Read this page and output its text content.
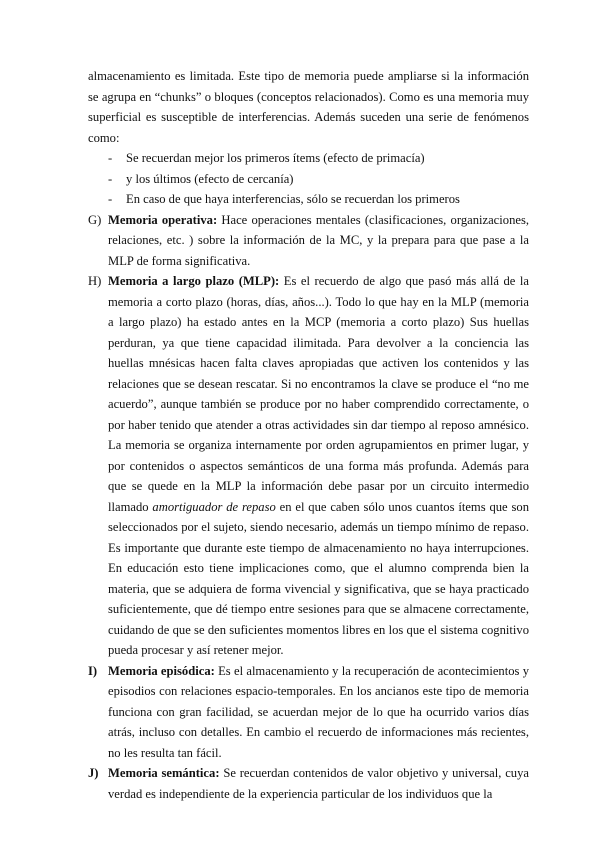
almacenamiento es limitada. Este tipo de memoria puede ampliarse si la información se agrupa en “chunks” o bloques (conceptos relacionados). Como es una memoria muy superficial es susceptible de interferencias. Además suceden una serie de fenómenos como:

- Se recuerdan mejor los primeros ítems (efecto de primacía)
- y los últimos (efecto de cercanía)
- En caso de que haya interferencias, sólo se recuerdan los primeros
G) Memoria operativa: Hace operaciones mentales (clasificaciones, organizaciones, relaciones, etc. ) sobre la información de la MC, y la prepara para que pase a la MLP de forma significativa.
H) Memoria a largo plazo (MLP): Es el recuerdo de algo que pasó más allá de la memoria a corto plazo (horas, días, años...). Todo lo que hay en la MLP (memoria a largo plazo) ha estado antes en la MCP (memoria a corto plazo) Sus huellas perduran, ya que tiene capacidad ilimitada. Para devolver a la conciencia las huellas mnésicas hacen falta claves apropiadas que activen los contenidos y las relaciones que se desean rescatar. Si no encontramos la clave se produce el “no me acuerdo”, aunque también se produce por no haber comprendido correctamente, o por haber tenido que atender a otras actividades sin dar tiempo al reposo amnésico. La memoria se organiza internamente por orden agrupamientos en primer lugar, y por contenidos o aspectos semánticos de una forma más profunda. Además para que se quede en la MLP la información debe pasar por un circuito intermedio llamado amortiguador de repaso en el que caben sólo unos cuantos ítems que son seleccionados por el sujeto, siendo necesario, además un tiempo mínimo de repaso. Es importante que durante este tiempo de almacenamiento no haya interrupciones. En educación esto tiene implicaciones como, que el alumno comprenda bien la materia, que se adquiera de forma vivencial y significativa, que se haya practicado suficientemente, que dé tiempo entre sesiones para que se almacene correctamente, cuidando de que se den suficientes momentos libres en los que el sistema cognitivo pueda procesar y así retener mejor.
I) Memoria episódica: Es el almacenamiento y la recuperación de acontecimientos y episodios con relaciones espacio-temporales. En los ancianos este tipo de memoria funciona con gran facilidad, se acuerdan mejor de lo que ha ocurrido varios días atrás, incluso con detalles. En cambio el recuerdo de informaciones más recientes, no les resulta tan fácil.
J) Memoria semántica: Se recuerdan contenidos de valor objetivo y universal, cuya verdad es independiente de la experiencia particular de los individuos que la
